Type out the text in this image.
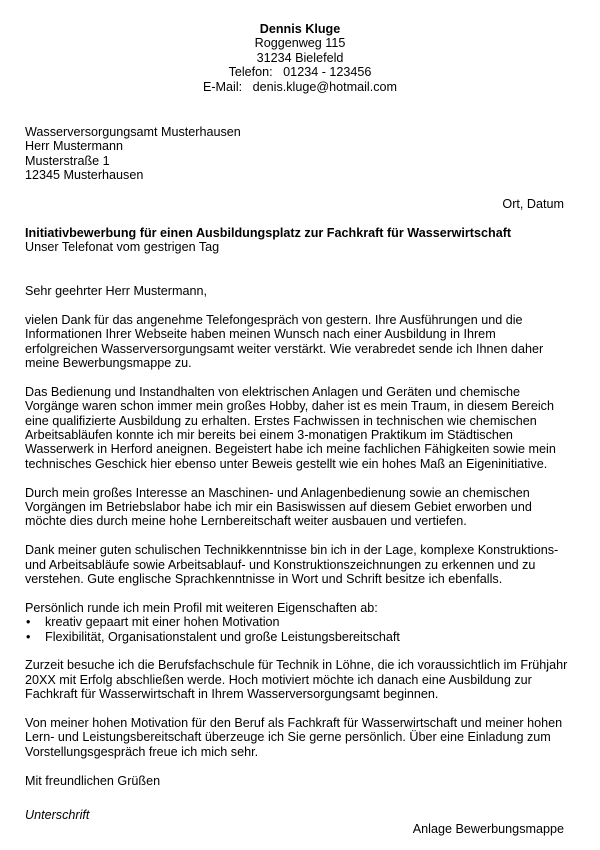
Dennis Kluge
Roggenweg 115
31234 Bielefeld
Telefon:   01234 - 123456
E-Mail:   denis.kluge@hotmail.com
Wasserversorgungsamt Musterhausen
Herr Mustermann
Musterstraße 1
12345 Musterhausen
Ort, Datum
Initiativbewerbung für einen Ausbildungsplatz zur Fachkraft für Wasserwirtschaft
Unser Telefonat vom gestrigen Tag

Sehr geehrter Herr Mustermann,

vielen Dank für das angenehme Telefongespräch von gestern. Ihre Ausführungen und die Informationen Ihrer Webseite haben meinen Wunsch nach einer Ausbildung in Ihrem erfolgreichen Wasserversorgungsamt weiter verstärkt. Wie verabredet sende ich Ihnen daher meine Bewerbungsmappe zu.

Das Bedienung und Instandhalten von elektrischen Anlagen und Geräten und chemische Vorgänge waren schon immer mein großes Hobby, daher ist es mein Traum, in diesem Bereich eine qualifizierte Ausbildung zu erhalten. Erstes Fachwissen in technischen wie chemischen Arbeitsabläufen konnte ich mir bereits bei einem 3-monatigen Praktikum im Städtischen Wasserwerk in Herford aneignen. Begeistert habe ich meine fachlichen Fähigkeiten sowie mein technisches Geschick hier ebenso unter Beweis gestellt wie ein hohes Maß an Eigeninitiative.

Durch mein großes Interesse an Maschinen- und Anlagenbedienung sowie an chemischen Vorgängen im Betriebslabor habe ich mir ein Basiswissen auf diesem Gebiet erworben und möchte dies durch meine hohe Lernbereitschaft weiter ausbauen und vertiefen.

Dank meiner guten schulischen Technikkenntnisse bin ich in der Lage, komplexe Konstruktions- und Arbeitsabläufe sowie Arbeitsablauf- und Konstruktionszeichnungen zu erkennen und zu verstehen. Gute englische Sprachkenntnisse in Wort und Schrift besitze ich ebenfalls.

Persönlich runde ich mein Profil mit weiteren Eigenschaften ab:

• kreativ gepaart mit einer hohen Motivation
• Flexibilität, Organisationstalent und große Leistungsbereitschaft

Zurzeit besuche ich die Berufsfachschule für Technik in Löhne, die ich voraussichtlich im Frühjahr 20XX mit Erfolg abschließen werde. Hoch motiviert möchte ich danach eine Ausbildung zur Fachkraft für Wasserwirtschaft in Ihrem Wasserversorgungsamt beginnen.

Von meiner hohen Motivation für den Beruf als Fachkraft für Wasserwirtschaft und meiner hohen Lern- und Leistungsbereitschaft überzeuge ich Sie gerne persönlich. Über eine Einladung zum Vorstellungsgespräch freue ich mich sehr.

Mit freundlichen Grüßen

Unterschrift
Anlage Bewerbungsmappe
